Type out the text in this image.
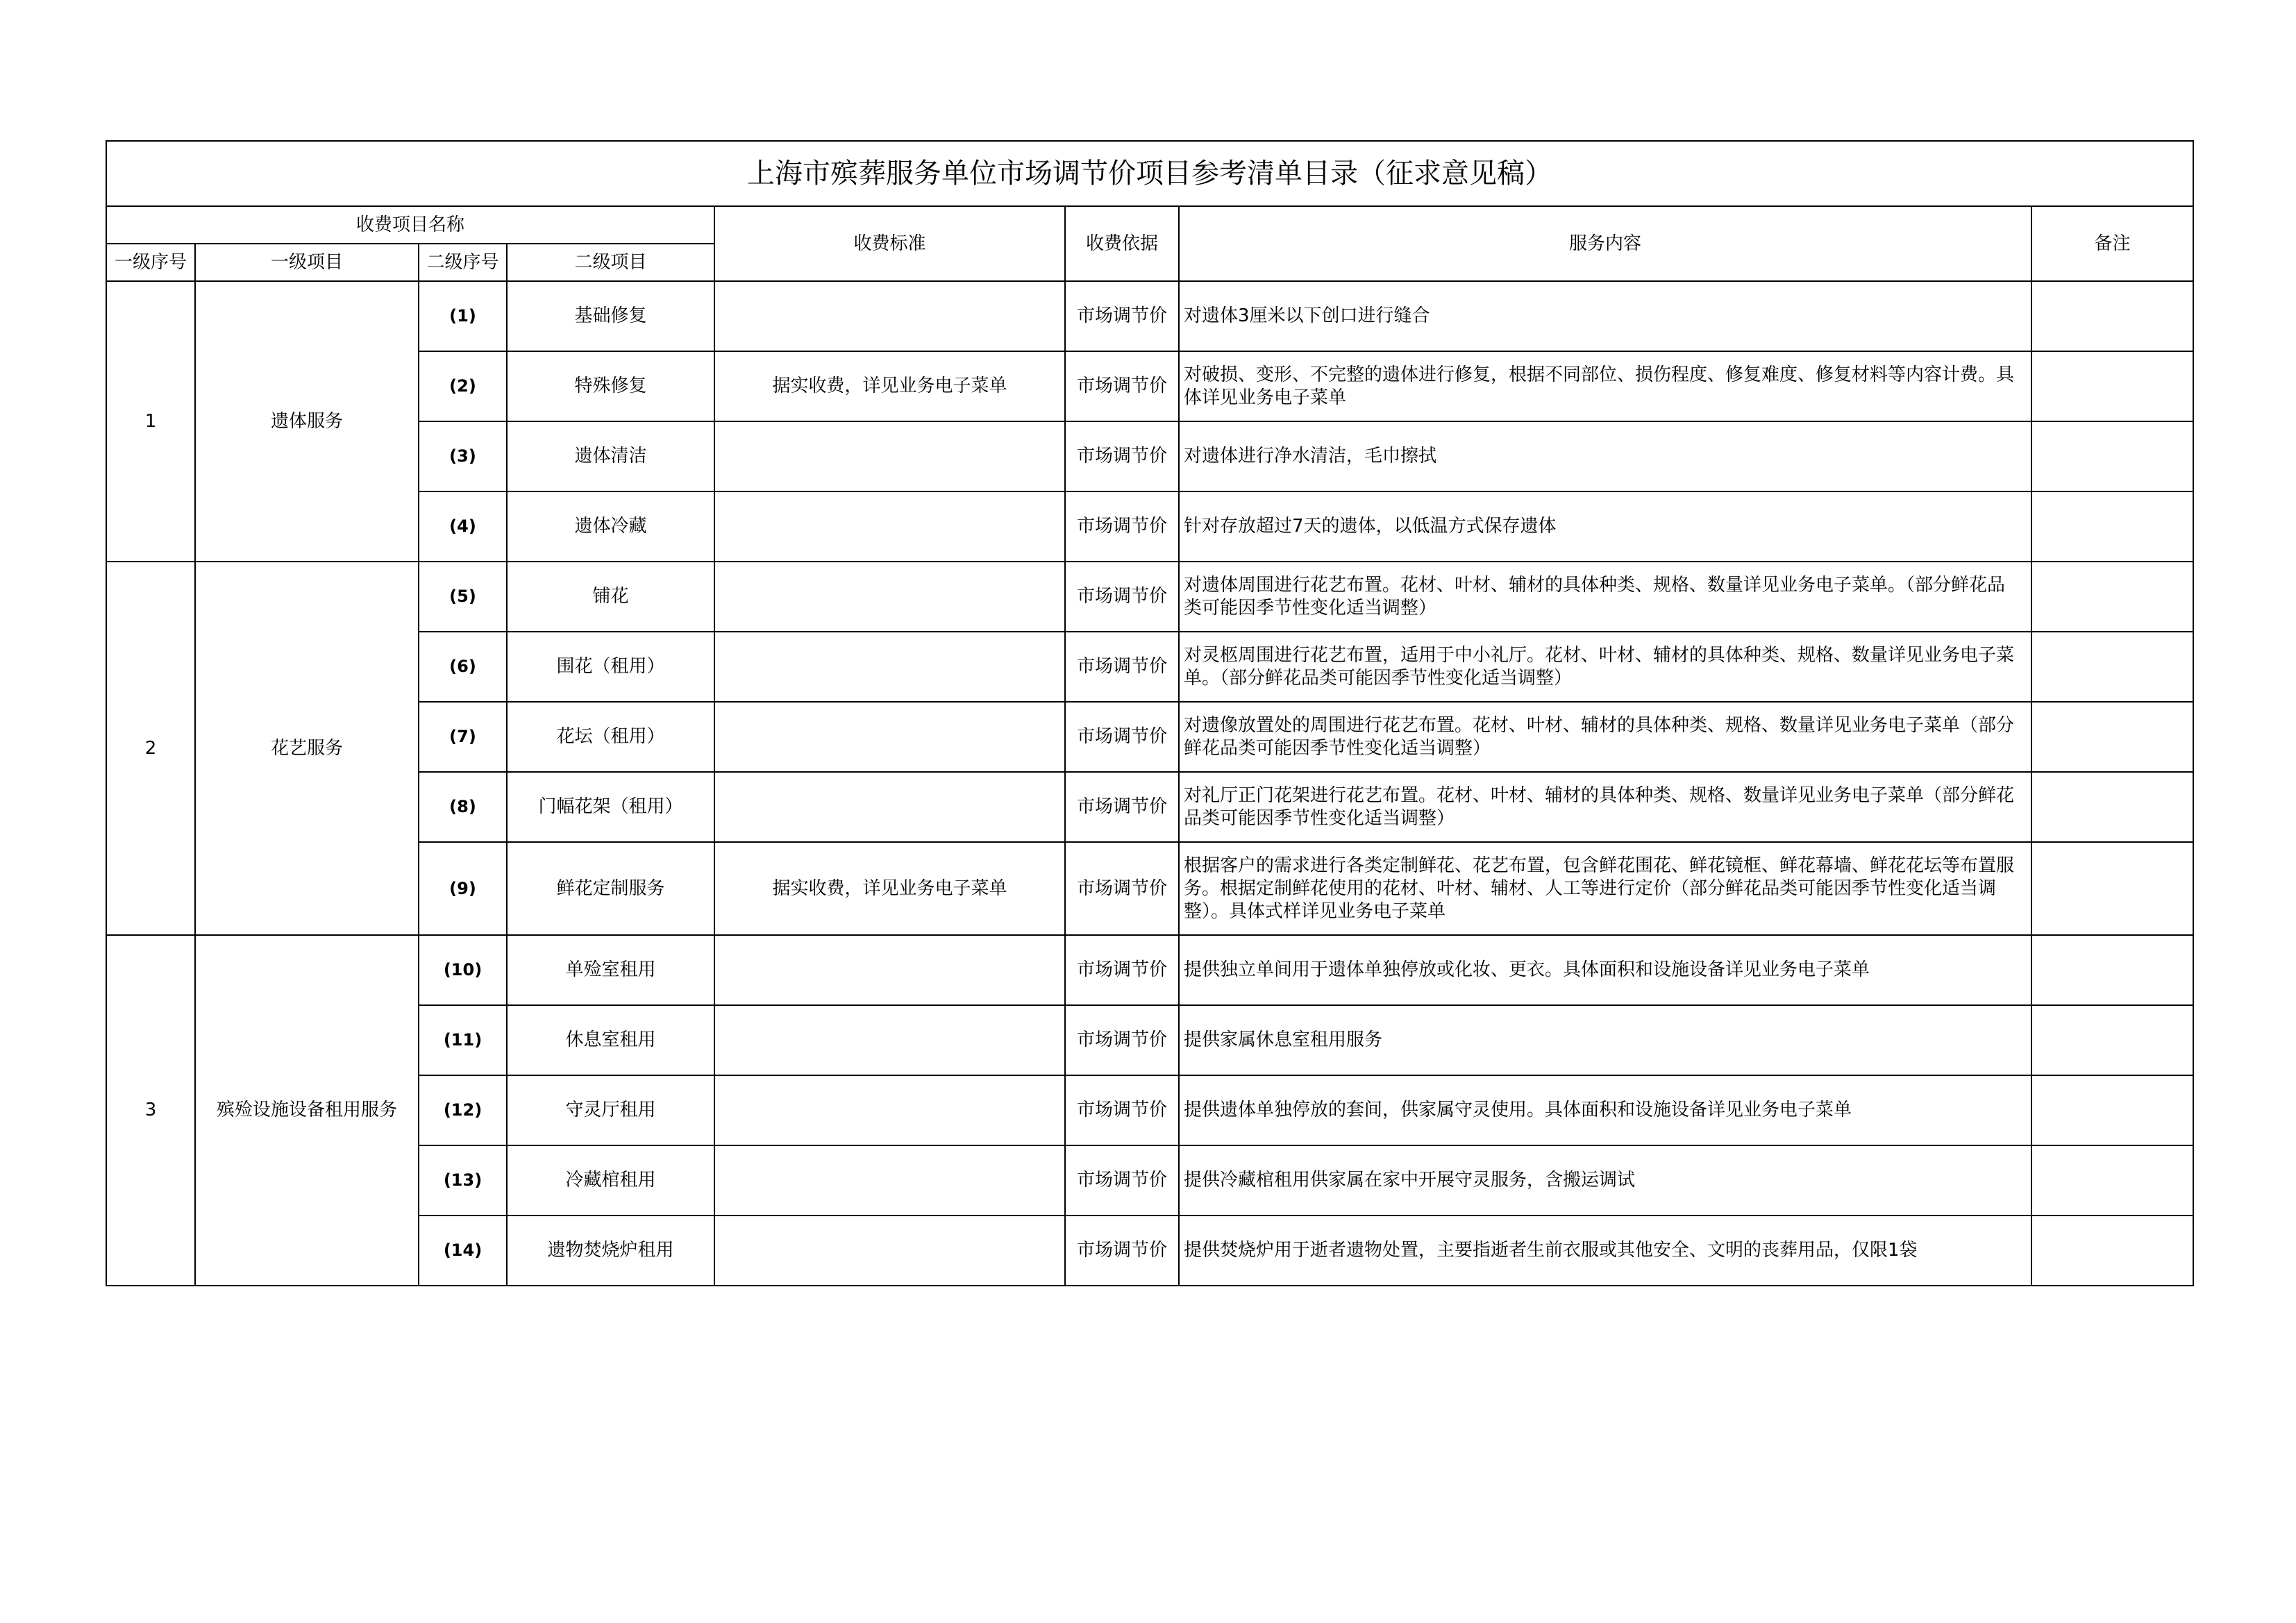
上海市殡葬服务单位市场调节价项目参考清单目录（征求意见稿）							
收费项目名称				收费标准	收费依据	服务内容	备注
一级序号	一级项目	二级序号	二级项目				
1	遗体服务	(1)	基础修复		市场调节价	对遗体3厘米以下创口进行缝合	
		(2)	特殊修复	据实收费，详见业务电子菜单	市场调节价	对破损、变形、不完整的遗体进行修复，根据不同部位、损伤程度、修复难度、修复材料等内容计费。具体详见业务电子菜单	
		(3)	遗体清洁		市场调节价	对遗体进行净水清洁，毛巾擦拭	
		(4)	遗体冷藏		市场调节价	针对存放超过7天的遗体，以低温方式保存遗体	
2	花艺服务	(5)	铺花		市场调节价	对遗体周围进行花艺布置。花材、叶材、辅材的具体种类、规格、数量详见业务电子菜单。（部分鲜花品类可能因季节性变化适当调整）	
		(6)	围花（租用）		市场调节价	对灵柩周围进行花艺布置，适用于中小礼厅。花材、叶材、辅材的具体种类、规格、数量详见业务电子菜单。（部分鲜花品类可能因季节性变化适当调整）	
		(7)	花坛（租用）		市场调节价	对遗像放置处的周围进行花艺布置。花材、叶材、辅材的具体种类、规格、数量详见业务电子菜单（部分鲜花品类可能因季节性变化适当调整）	
		(8)	门幅花架（租用）		市场调节价	对礼厅正门花架进行花艺布置。花材、叶材、辅材的具体种类、规格、数量详见业务电子菜单（部分鲜花品类可能因季节性变化适当调整）	
		(9)	鲜花定制服务	据实收费，详见业务电子菜单	市场调节价	根据客户的需求进行各类定制鲜花、花艺布置，包含鲜花围花、鲜花镜框、鲜花幕墙、鲜花花坛等布置服务。根据定制鲜花使用的花材、叶材、辅材、人工等进行定价（部分鲜花品类可能因季节性变化适当调整）。具体式样详见业务电子菜单	
3	殡殓设施设备租用服务	(10)	单殓室租用		市场调节价	提供独立单间用于遗体单独停放或化妆、更衣。具体面积和设施设备详见业务电子菜单	
		(11)	休息室租用		市场调节价	提供家属休息室租用服务	
		(12)	守灵厅租用		市场调节价	提供遗体单独停放的套间，供家属守灵使用。具体面积和设施设备详见业务电子菜单	
		(13)	冷藏棺租用		市场调节价	提供冷藏棺租用供家属在家中开展守灵服务，含搬运调试	
		(14)	遗物焚烧炉租用		市场调节价	提供焚烧炉用于逝者遗物处置，主要指逝者生前衣服或其他安全、文明的丧葬用品，仅限1袋	
